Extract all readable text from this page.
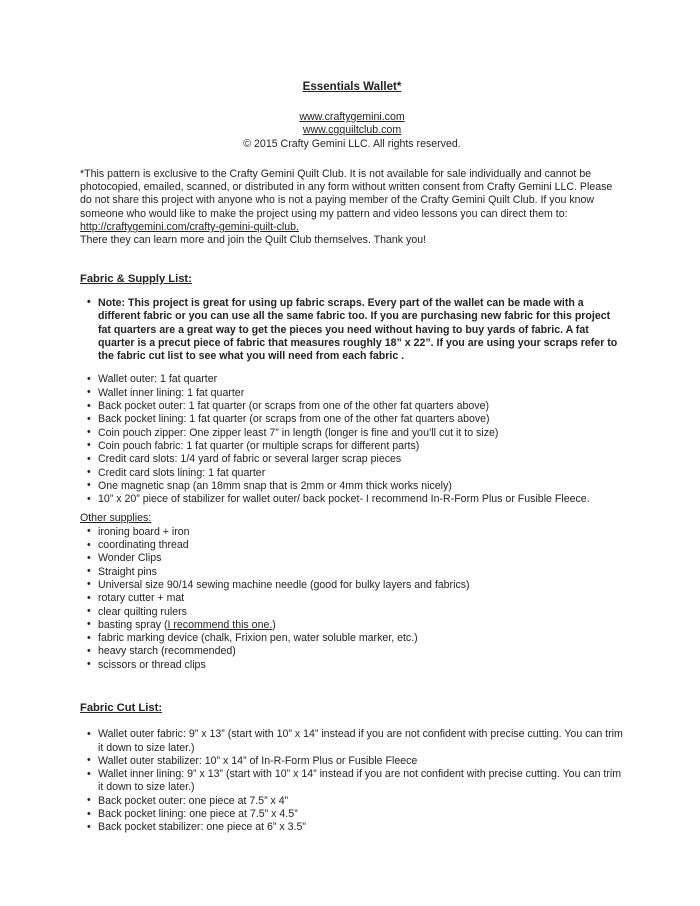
Essentials Wallet*
www.craftygemini.com
www.cgquiltclub.com
© 2015 Crafty Gemini LLC. All rights reserved.

*This pattern is exclusive to the Crafty Gemini Quilt Club. It is not available for sale individually and cannot be photocopied, emailed, scanned, or distributed in any form without written consent from Crafty Gemini LLC. Please do not share this project with anyone who is not a paying member of the Crafty Gemini Quilt Club. If you know someone who would like to make the project using my pattern and video lessons you can direct them to: http://craftygemini.com/crafty-gemini-quilt-club.
There they can learn more and join the Quilt Club themselves. Thank you!

Fabric & Supply List:
• Note: This project is great for using up fabric scraps. Every part of the wallet can be made with a different fabric or you can use all the same fabric too. If you are purchasing new fabric for this project fat quarters are a great way to get the pieces you need without having to buy yards of fabric. A fat quarter is a precut piece of fabric that measures roughly 18” x 22”. If you are using your scraps refer to the fabric cut list to see what you will need from each fabric .
• Wallet outer: 1 fat quarter
• Wallet inner lining: 1 fat quarter
• Back pocket outer: 1 fat quarter (or scraps from one of the other fat quarters above)
• Back pocket lining: 1 fat quarter (or scraps from one of the other fat quarters above)
• Coin pouch zipper: One zipper least 7” in length (longer is fine and you’ll cut it to size)
• Coin pouch fabric: 1 fat quarter (or multiple scraps for different parts)
• Credit card slots: 1/4 yard of fabric or several larger scrap pieces
• Credit card slots lining: 1 fat quarter
• One magnetic snap (an 18mm snap that is 2mm or 4mm thick works nicely)
• 10” x 20” piece of stabilizer for wallet outer/ back pocket- I recommend In-R-Form Plus or Fusible Fleece.
Other supplies:
• ironing board + iron
• coordinating thread
• Wonder Clips
• Straight pins
• Universal size 90/14 sewing machine needle (good for bulky layers and fabrics)
• rotary cutter + mat
• clear quilting rulers
• basting spray (I recommend this one.)
• fabric marking device (chalk, Frixion pen, water soluble marker, etc.)
• heavy starch (recommended)
• scissors or thread clips
Fabric Cut List:
• Wallet outer fabric: 9” x 13” (start with 10” x 14” instead if you are not confident with precise cutting. You can trim it down to size later.)
• Wallet outer stabilizer: 10” x 14” of In-R-Form Plus or Fusible Fleece
• Wallet inner lining: 9” x 13” (start with 10” x 14” instead if you are not confident with precise cutting. You can trim it down to size later.)
• Back pocket outer: one piece at 7.5” x 4”
• Back pocket lining: one piece at 7.5” x 4.5”
• Back pocket stabilizer: one piece at 6” x 3.5”
